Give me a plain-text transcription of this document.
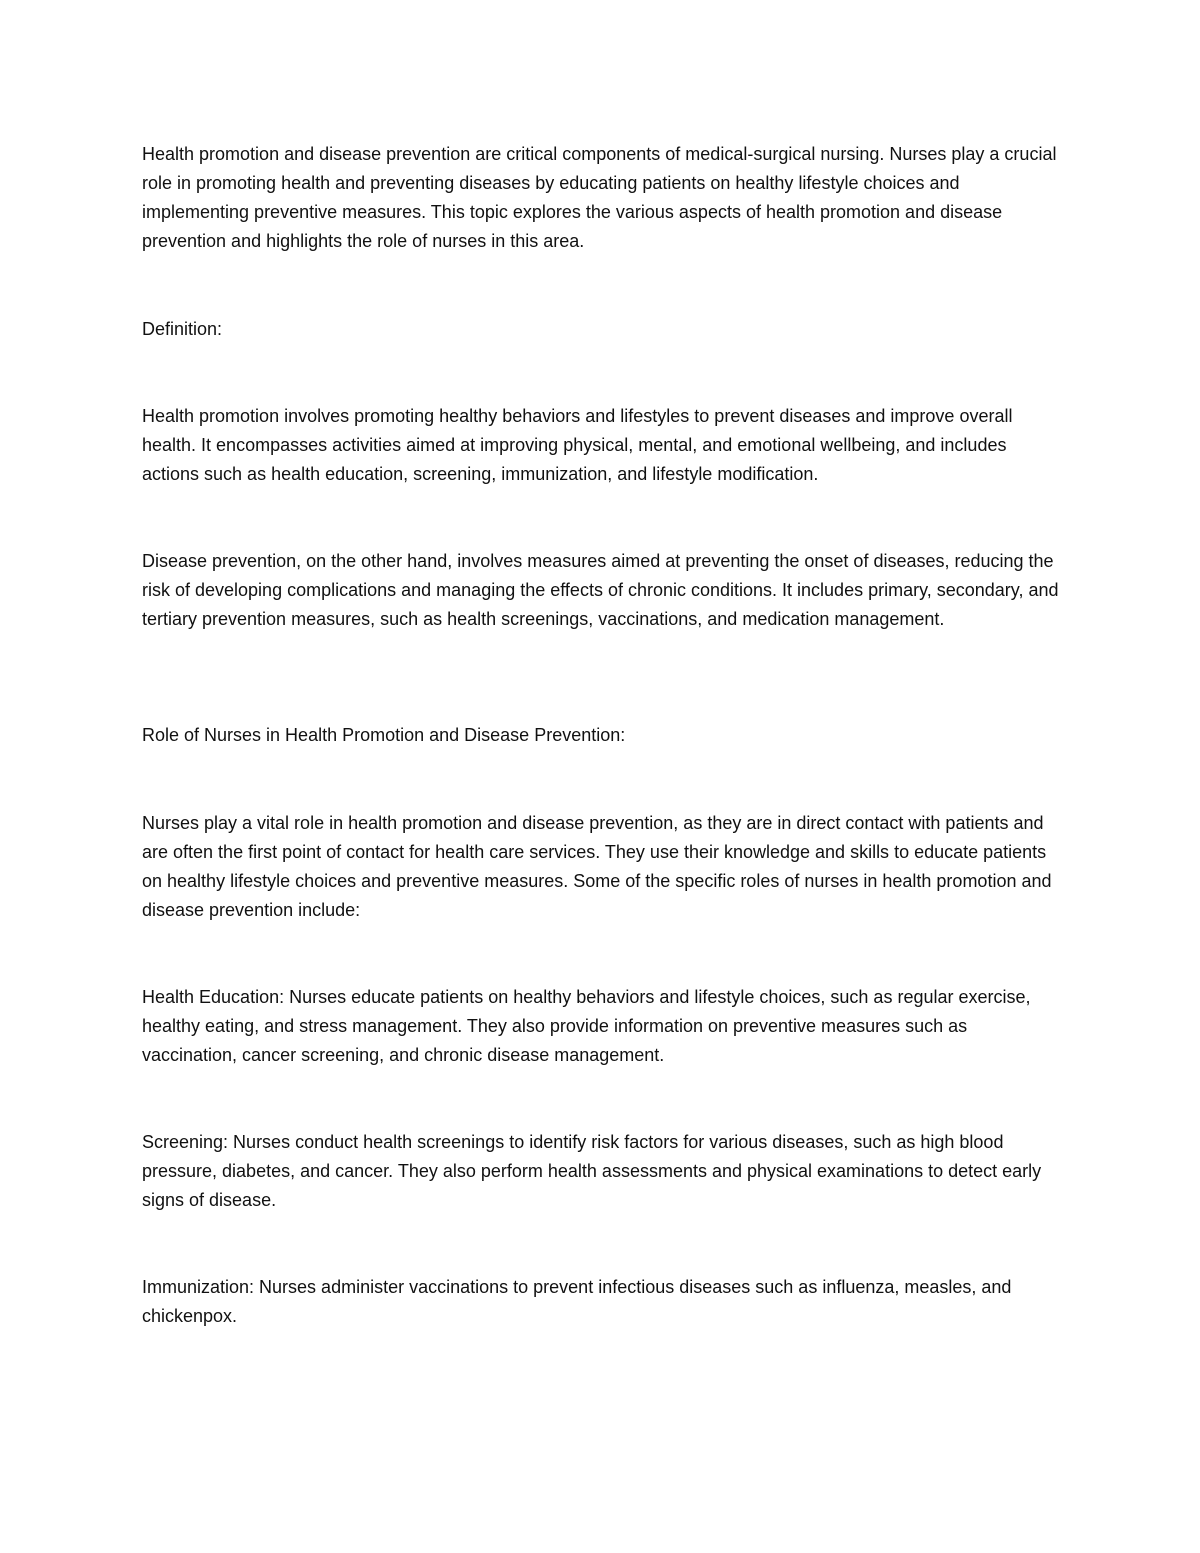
Health promotion and disease prevention are critical components of medical-surgical nursing. Nurses play a crucial role in promoting health and preventing diseases by educating patients on healthy lifestyle choices and implementing preventive measures. This topic explores the various aspects of health promotion and disease prevention and highlights the role of nurses in this area.

Definition:

Health promotion involves promoting healthy behaviors and lifestyles to prevent diseases and improve overall health. It encompasses activities aimed at improving physical, mental, and emotional wellbeing, and includes actions such as health education, screening, immunization, and lifestyle modification.

Disease prevention, on the other hand, involves measures aimed at preventing the onset of diseases, reducing the risk of developing complications and managing the effects of chronic conditions. It includes primary, secondary, and tertiary prevention measures, such as health screenings, vaccinations, and medication management.

Role of Nurses in Health Promotion and Disease Prevention:

Nurses play a vital role in health promotion and disease prevention, as they are in direct contact with patients and are often the first point of contact for health care services. They use their knowledge and skills to educate patients on healthy lifestyle choices and preventive measures. Some of the specific roles of nurses in health promotion and disease prevention include:

Health Education: Nurses educate patients on healthy behaviors and lifestyle choices, such as regular exercise, healthy eating, and stress management. They also provide information on preventive measures such as vaccination, cancer screening, and chronic disease management.

Screening: Nurses conduct health screenings to identify risk factors for various diseases, such as high blood pressure, diabetes, and cancer. They also perform health assessments and physical examinations to detect early signs of disease.

Immunization: Nurses administer vaccinations to prevent infectious diseases such as influenza, measles, and chickenpox.
